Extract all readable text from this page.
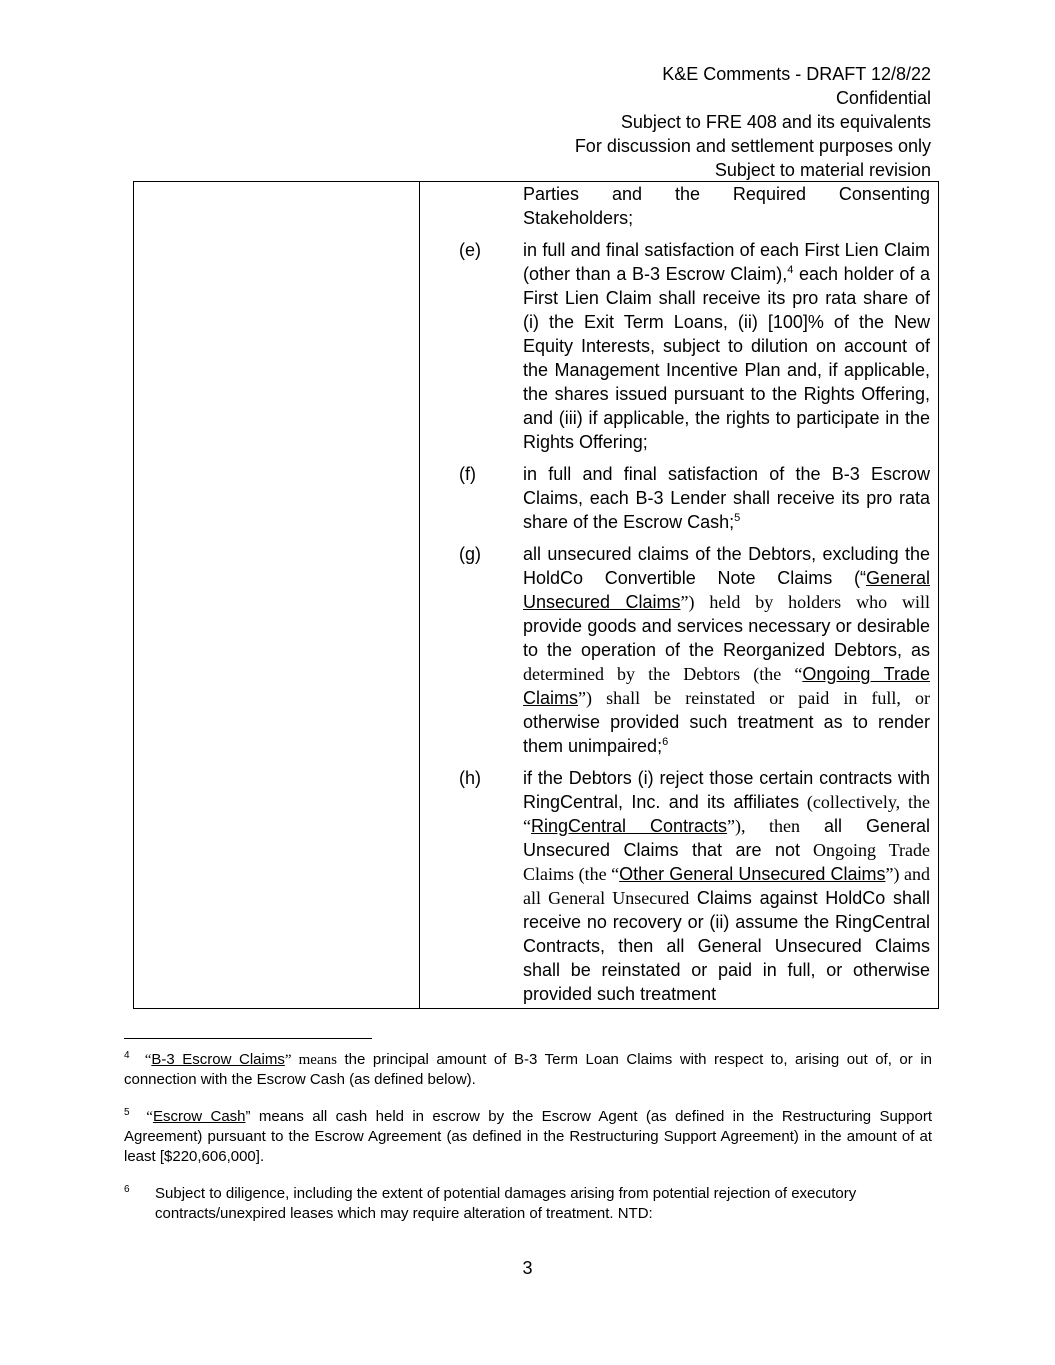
K&E Comments - DRAFT 12/8/22
Confidential
Subject to FRE 408 and its equivalents
For discussion and settlement purposes only
Subject to material revision

Parties and the Required Consenting Stakeholders;
(e)	in full and final satisfaction of each First Lien Claim (other than a B-3 Escrow Claim),$^4$ each holder of a First Lien Claim shall receive its pro rata share of (i) the Exit Term Loans, (ii) [100]% of the New Equity Interests, subject to dilution on account of the Management Incentive Plan and, if applicable, the shares issued pursuant to the Rights Offering, and (iii) if applicable, the rights to participate in the Rights Offering;
(f)	in full and final satisfaction of the B-3 Escrow Claims, each B-3 Lender shall receive its pro rata share of the Escrow Cash;$^5$
(g)	all unsecured claims of the Debtors, excluding the HoldCo Convertible Note Claims (“General Unsecured Claims”) held by holders who will provide goods and services necessary or desirable to the operation of the Reorganized Debtors, as determined by the Debtors (the “Ongoing Trade Claims”) shall be reinstated or paid in full, or otherwise provided such treatment as to render them unimpaired;$^6$
(h)	if the Debtors (i) reject those certain contracts with RingCentral, Inc. and its affiliates (collectively, the “RingCentral Contracts”), then all General Unsecured Claims that are not Ongoing Trade Claims (the “Other General Unsecured Claims”) and all General Unsecured Claims against HoldCo shall receive no recovery or (ii) assume the RingCentral Contracts, then all General Unsecured Claims shall be reinstated or paid in full, or otherwise provided such treatment
$^4$ “B-3 Escrow Claims” means the principal amount of B-3 Term Loan Claims with respect to, arising out of, or in connection with the Escrow Cash (as defined below).
$^5$ “Escrow Cash” means all cash held in escrow by the Escrow Agent (as defined in the Restructuring Support Agreement) pursuant to the Escrow Agreement (as defined in the Restructuring Support Agreement) in the amount of at least [$220,606,000].
$^6$	Subject to diligence, including the extent of potential damages arising from potential rejection of executory contracts/unexpired leases which may require alteration of treatment. NTD:
3
